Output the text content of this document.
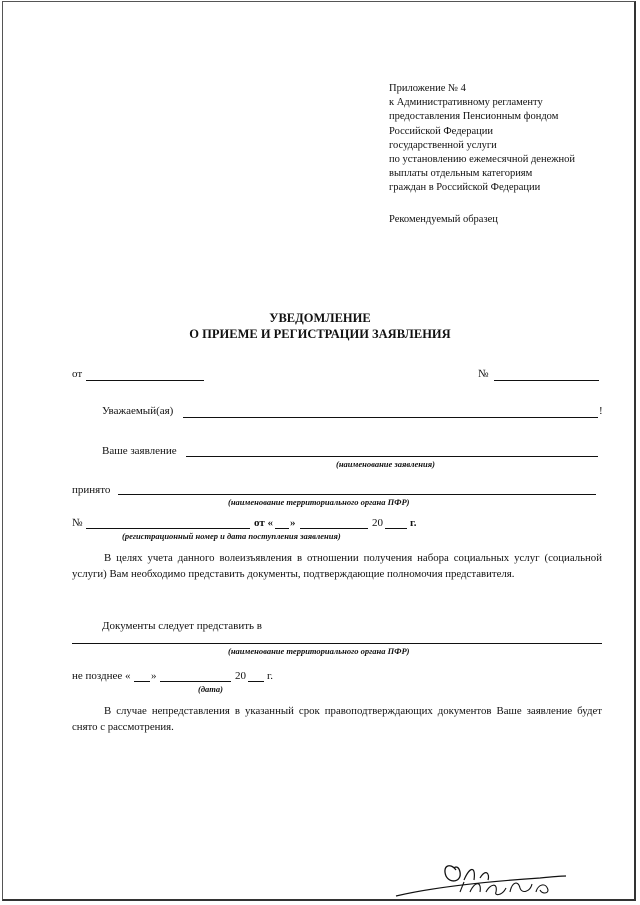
Приложение № 4
к Административному регламенту
предоставления Пенсионным фондом
Российской Федерации
государственной услуги
по установлению ежемесячной денежной
выплаты отдельным категориям
граждан в Российской Федерации
Рекомендуемый образец
УВЕДОМЛЕНИЕ
О ПРИЕМЕ И РЕГИСТРАЦИИ ЗАЯВЛЕНИЯ
от	№
Уважаемый(ая)	!
Ваше заявление
(наименование заявления)
принято
(наименование территориального органа ПФР)
№	от « »	20 г.
(регистрационный номер и дата поступления заявления)
В целях учета данного волеизъявления в отношении получения набора социальных услуг (социальной услуги) Вам необходимо представить документы, подтверждающие полномочия представителя.
Документы следует представить в
(наименование территориального органа ПФР)
не позднее « »	20 г.
(дата)
В случае непредставления в указанный срок правоподтверждающих документов Ваше заявление будет снято с рассмотрения.
